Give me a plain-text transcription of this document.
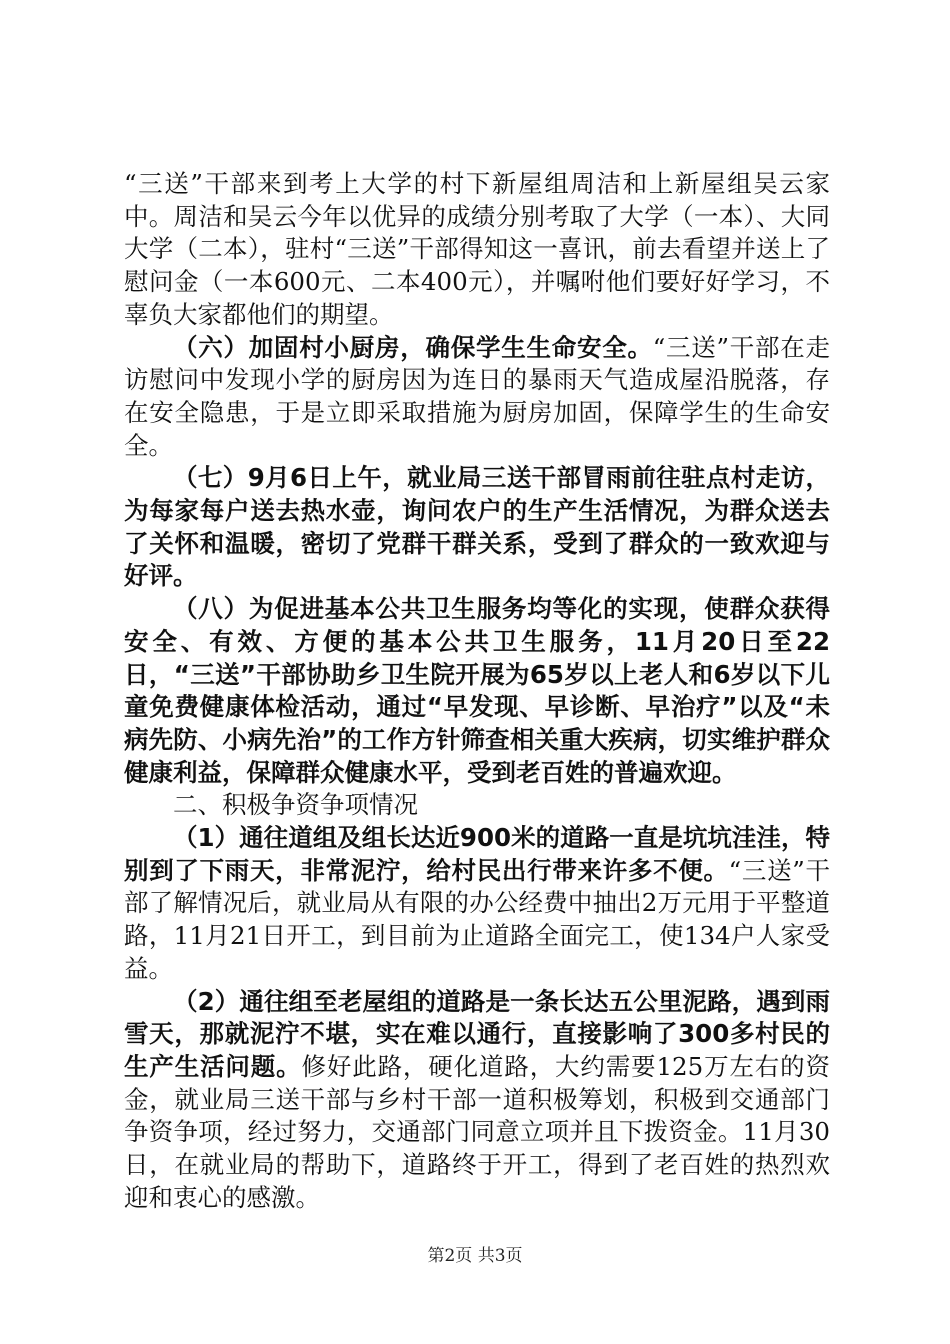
“三送”干部来到考上大学的村下新屋组周洁和上新屋组吴云家中。周洁和吴云今年以优异的成绩分别考取了大学（一本）、大同大学（二本），驻村“三送”干部得知这一喜讯，前去看望并送上了慰问金（一本600元、二本400元），并嘱咐他们要好好学习，不辜负大家都他们的期望。

（六）加固村小厨房，确保学生生命安全。“三送”干部在走访慰问中发现小学的厨房因为连日的暴雨天气造成屋沿脱落，存在安全隐患，于是立即采取措施为厨房加固，保障学生的生命安全。

（七）9月6日上午，就业局三送干部冒雨前往驻点村走访，为每家每户送去热水壶，询问农户的生产生活情况，为群众送去了关怀和温暖，密切了党群干群关系，受到了群众的一致欢迎与好评。

（八）为促进基本公共卫生服务均等化的实现，使群众获得安全、有效、方便的基本公共卫生服务，11月20日至22日，“三送”干部协助乡卫生院开展为65岁以上老人和6岁以下儿童免费健康体检活动，通过“早发现、早诊断、早治疗”以及“未病先防、小病先治”的工作方针筛查相关重大疾病，切实维护群众健康利益，保障群众健康水平，受到老百姓的普遍欢迎。

二、积极争资争项情况

（1）通往道组及组长达近900米的道路一直是坑坑洼洼，特别到了下雨天，非常泥泞，给村民出行带来许多不便。“三送”干部了解情况后，就业局从有限的办公经费中抽出2万元用于平整道路，11月21日开工，到目前为止道路全面完工，使134户人家受益。

（2）通往组至老屋组的道路是一条长达五公里泥路，遇到雨雪天，那就泥泞不堪，实在难以通行，直接影响了300多村民的生产生活问题。修好此路，硬化道路，大约需要125万左右的资金，就业局三送干部与乡村干部一道积极筹划，积极到交通部门争资争项，经过努力，交通部门同意立项并且下拨资金。11月30日，在就业局的帮助下，道路终于开工，得到了老百姓的热烈欢迎和衷心的感激。

第2页 共3页
